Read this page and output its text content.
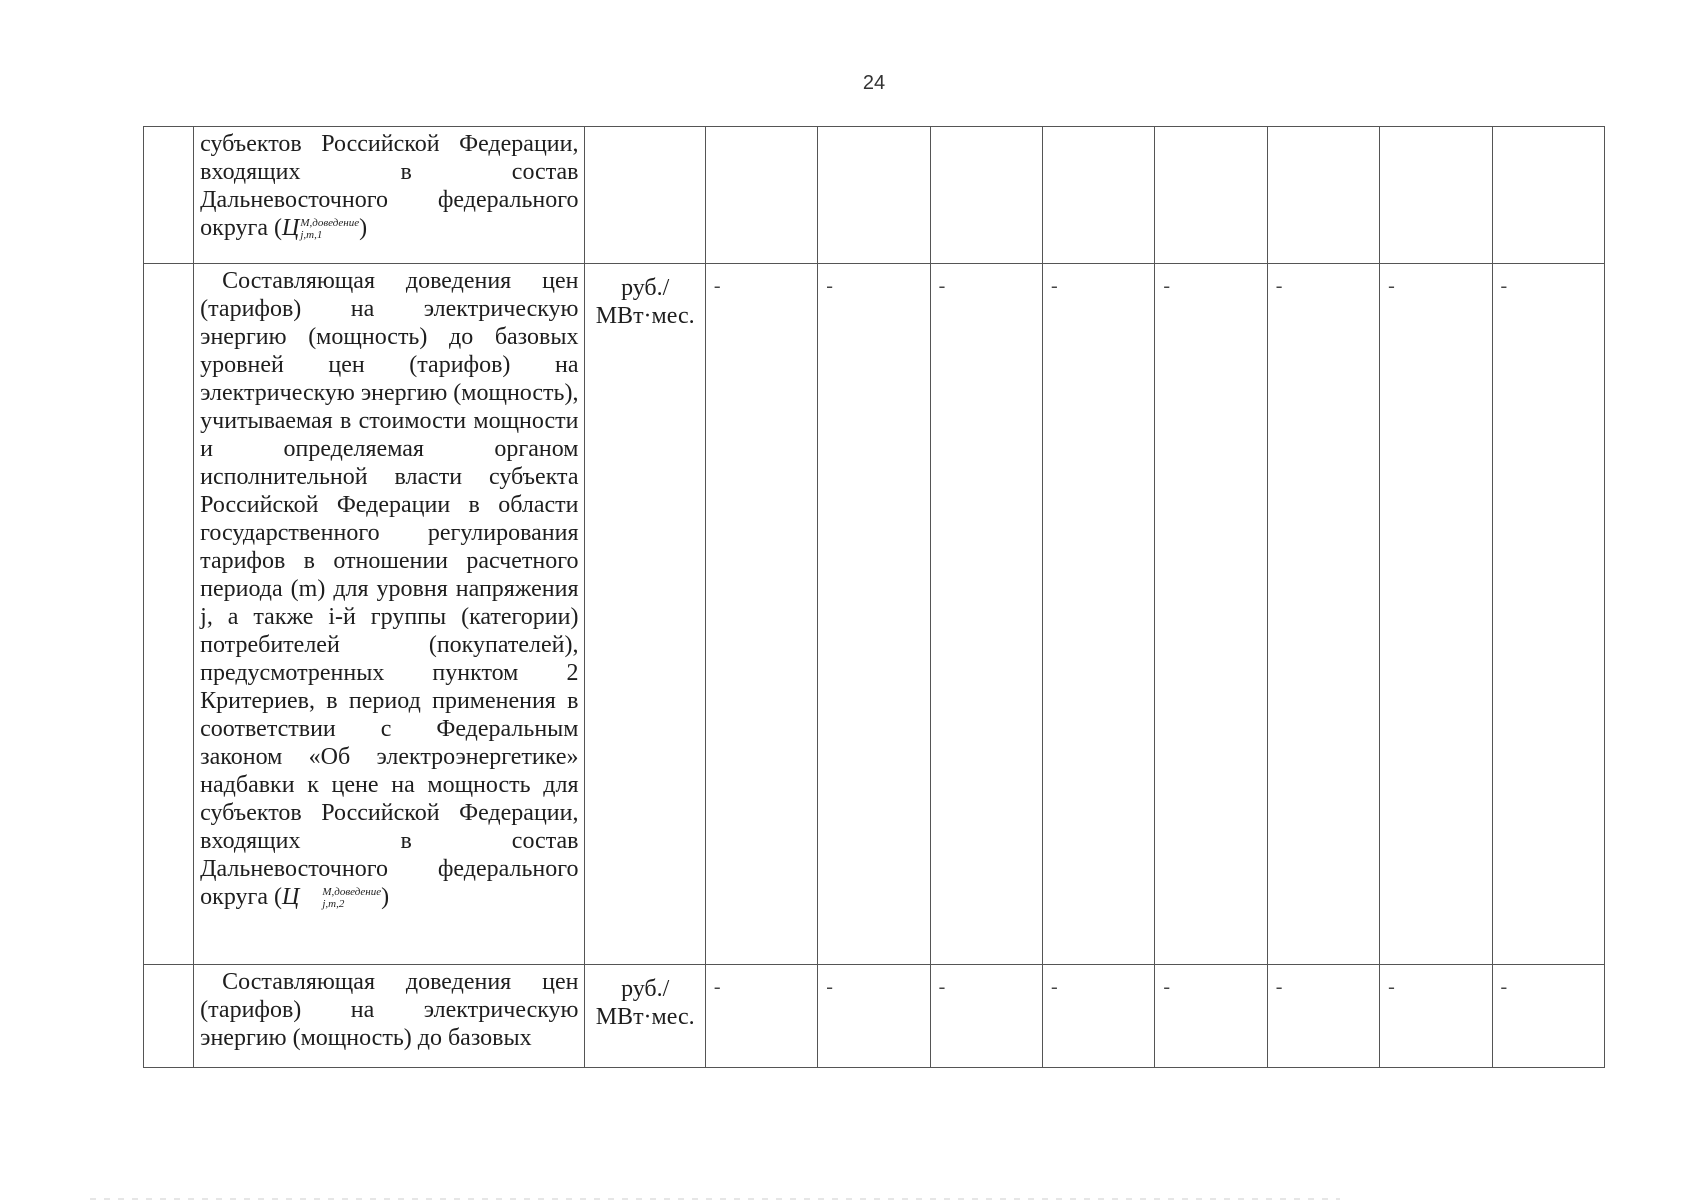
24

	субъектов Российской Федерации, входящих в состав Дальневосточного федерального округа (Ц M,доведение
j,m,1 )									

	Составляющая доведения цен (тарифов) на электрическую энергию (мощность) до базовых уровней цен (тарифов) на электрическую энергию (мощность), учитываемая в стоимости мощности и определяемая органом исполнительной власти субъекта Российской Федерации в области государственного регулирования тарифов в отношении расчетного периода (m) для уровня напряжения j, а также i-й группы (категории) потребителей (покупателей), предусмотренных пунктом 2 Критериев, в период применения в соответствии с Федеральным законом «Об электроэнергетике» надбавки к цене на мощность для субъектов Российской Федерации, входящих в состав Дальневосточного федерального округа (Ц M,доведение
j,m,2 )	руб./ МВт·мес.	-	-	-	-	-	-	-	-

	Составляющая доведения цен (тарифов) на электрическую энергию (мощность) до базовых	руб./ МВт·мес.	-	-	-	-	-	-	-	-
